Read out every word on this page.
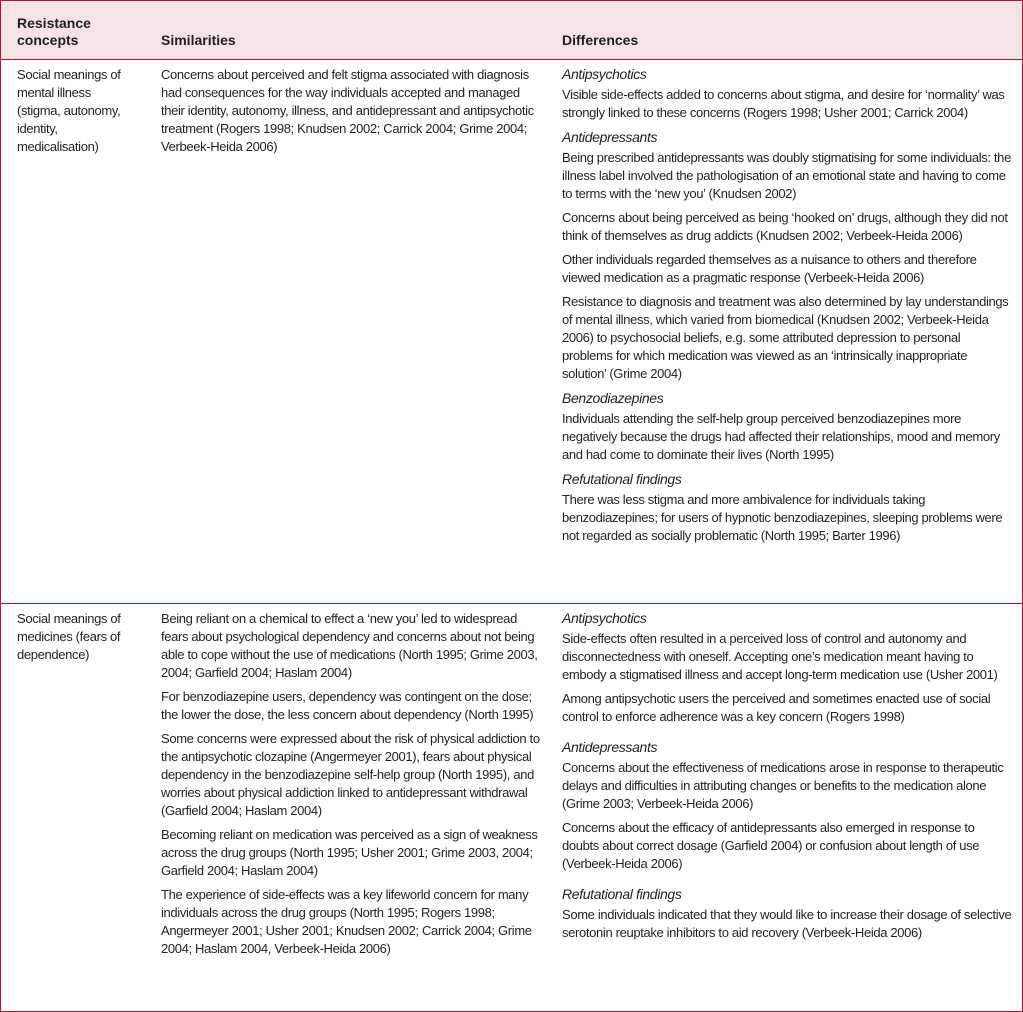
Resistance
concepts	Similarities	Differences
Social meanings of mental illness (stigma, autonomy, identity, medicalisation)

Concerns about perceived and felt stigma associated with diagnosis had consequences for the way individuals accepted and managed their identity, autonomy, illness, and antidepressant and antipsychotic treatment (Rogers 1998; Knudsen 2002; Carrick 2004; Grime 2004; Verbeek-Heida 2006)

Antipsychotics

Visible side-effects added to concerns about stigma, and desire for ‘normality’ was strongly linked to these concerns (Rogers 1998; Usher 2001; Carrick 2004)

Antidepressants

Being prescribed antidepressants was doubly stigmatising for some individuals: the illness label involved the pathologisation of an emotional state and having to come to terms with the ‘new you’ (Knudsen 2002)

Concerns about being perceived as being ‘hooked on’ drugs, although they did not think of themselves as drug addicts (Knudsen 2002; Verbeek-Heida 2006)

Other individuals regarded themselves as a nuisance to others and therefore viewed medication as a pragmatic response (Verbeek-Heida 2006)

Resistance to diagnosis and treatment was also determined by lay understandings of mental illness, which varied from biomedical (Knudsen 2002; Verbeek-Heida 2006) to psychosocial beliefs, e.g. some attributed depression to personal problems for which medication was viewed as an ‘intrinsically inappropriate solution’ (Grime 2004)

Benzodiazepines

Individuals attending the self-help group perceived benzodiazepines more negatively because the drugs had affected their relationships, mood and memory and had come to dominate their lives (North 1995)

Refutational findings

There was less stigma and more ambivalence for individuals taking benzodiazepines; for users of hypnotic benzodiazepines, sleeping problems were not regarded as socially problematic (North 1995; Barter 1996)

Social meanings of medicines (fears of dependence)

Being reliant on a chemical to effect a ‘new you’ led to widespread fears about psychological dependency and concerns about not being able to cope without the use of medications (North 1995; Grime 2003, 2004; Garfield 2004; Haslam 2004)

For benzodiazepine users, dependency was contingent on the dose; the lower the dose, the less concern about dependency (North 1995)

Some concerns were expressed about the risk of physical addiction to the antipsychotic clozapine (Angermeyer 2001), fears about physical dependency in the benzodiazepine self-help group (North 1995), and worries about physical addiction linked to antidepressant withdrawal (Garfield 2004; Haslam 2004)

Becoming reliant on medication was perceived as a sign of weakness across the drug groups (North 1995; Usher 2001; Grime 2003, 2004; Garfield 2004; Haslam 2004)

The experience of side-effects was a key lifeworld concern for many individuals across the drug groups (North 1995; Rogers 1998; Angermeyer 2001; Usher 2001; Knudsen 2002; Carrick 2004; Grime 2004; Haslam 2004, Verbeek-Heida 2006)

Antipsychotics

Side-effects often resulted in a perceived loss of control and autonomy and disconnectedness with oneself. Accepting one’s medication meant having to embody a stigmatised illness and accept long-term medication use (Usher 2001)

Among antipsychotic users the perceived and sometimes enacted use of social control to enforce adherence was a key concern (Rogers 1998)

Antidepressants

Concerns about the effectiveness of medications arose in response to therapeutic delays and difficulties in attributing changes or benefits to the medication alone (Grime 2003; Verbeek-Heida 2006)

Concerns about the efficacy of antidepressants also emerged in response to doubts about correct dosage (Garfield 2004) or confusion about length of use (Verbeek-Heida 2006)

Refutational findings

Some individuals indicated that they would like to increase their dosage of selective serotonin reuptake inhibitors to aid recovery (Verbeek-Heida 2006)
